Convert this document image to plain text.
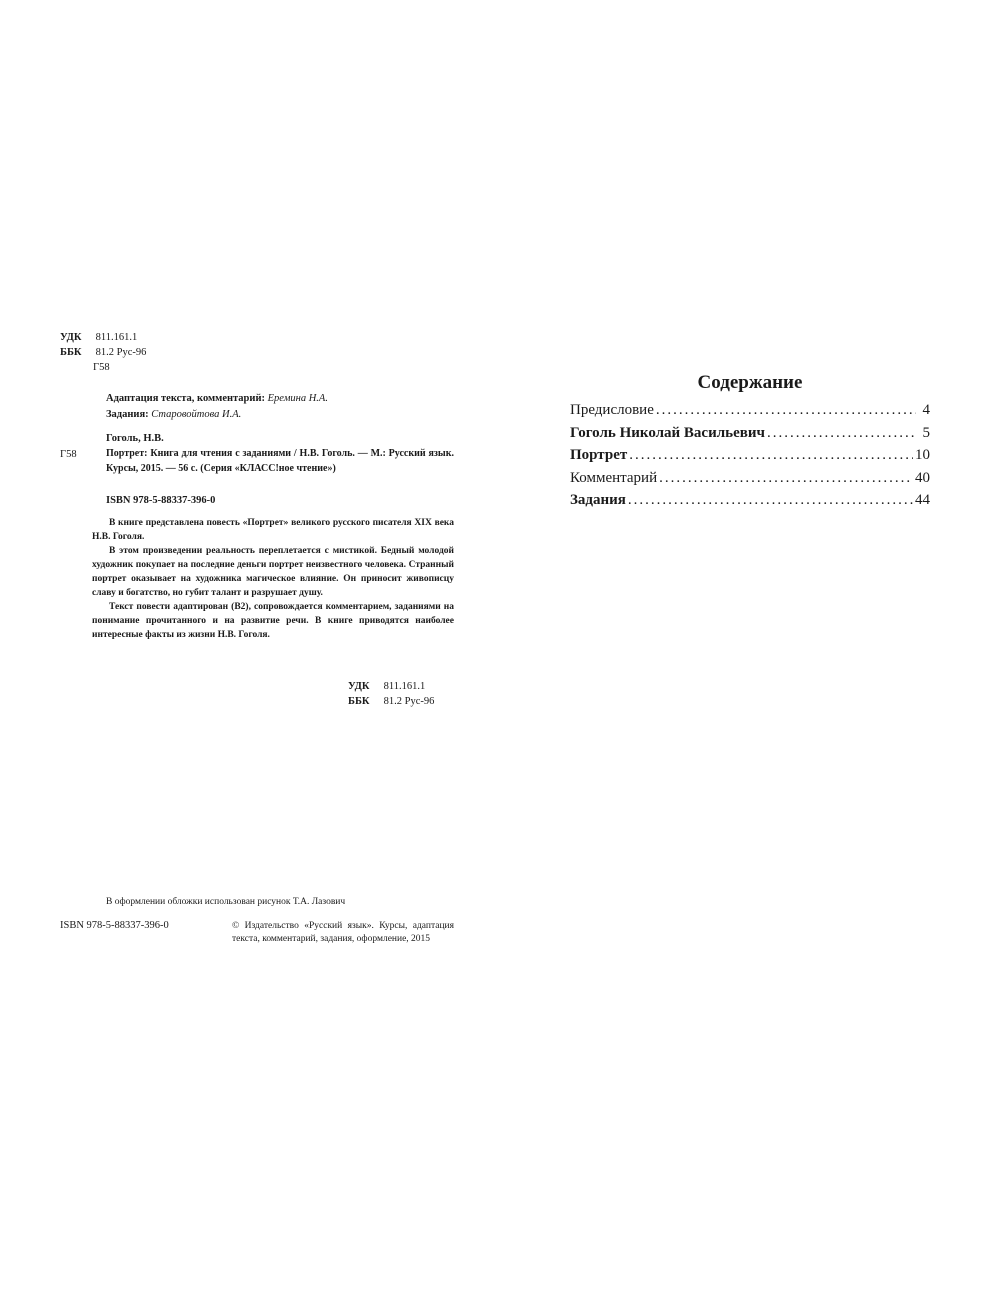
УДК 811.161.1
ББК 81.2 Рус-96
Г58
Адаптация текста, комментарий: Еремина Н.А.
Задания: Старовойтова И.А.
Гоголь, Н.В.
Г58	Портрет: Книга для чтения с заданиями / Н.В. Гоголь. — М.: Русский язык. Курсы, 2015. — 56 с. (Серия «КЛАСС!ное чтение»)
ISBN 978-5-88337-396-0

В книге представлена повесть «Портрет» великого русского писателя XIX века Н.В. Гоголя.

В этом произведении реальность переплетается с мистикой. Бедный молодой художник покупает на последние деньги портрет неизвестного человека. Странный портрет оказывает на художника магическое влияние. Он приносит живописцу славу и богатство, но губит талант и разрушает душу.

Текст повести адаптирован (В2), сопровождается комментарием, заданиями на понимание прочитанного и на развитие речи. В книге приводятся наиболее интересные факты из жизни Н.В. Гоголя.

УДК 811.161.1
ББК 81.2 Рус-96
В оформлении обложки использован рисунок Т.А. Лазович
ISBN 978-5-88337-396-0	© Издательство «Русский язык». Курсы, адаптация текста, комментарий, задания, оформление, 2015
Содержание
Предисловие .....	4
Гоголь Николай Васильевич .....	5
Портрет .....	10
Комментарий .....	40
Задания .....	44
